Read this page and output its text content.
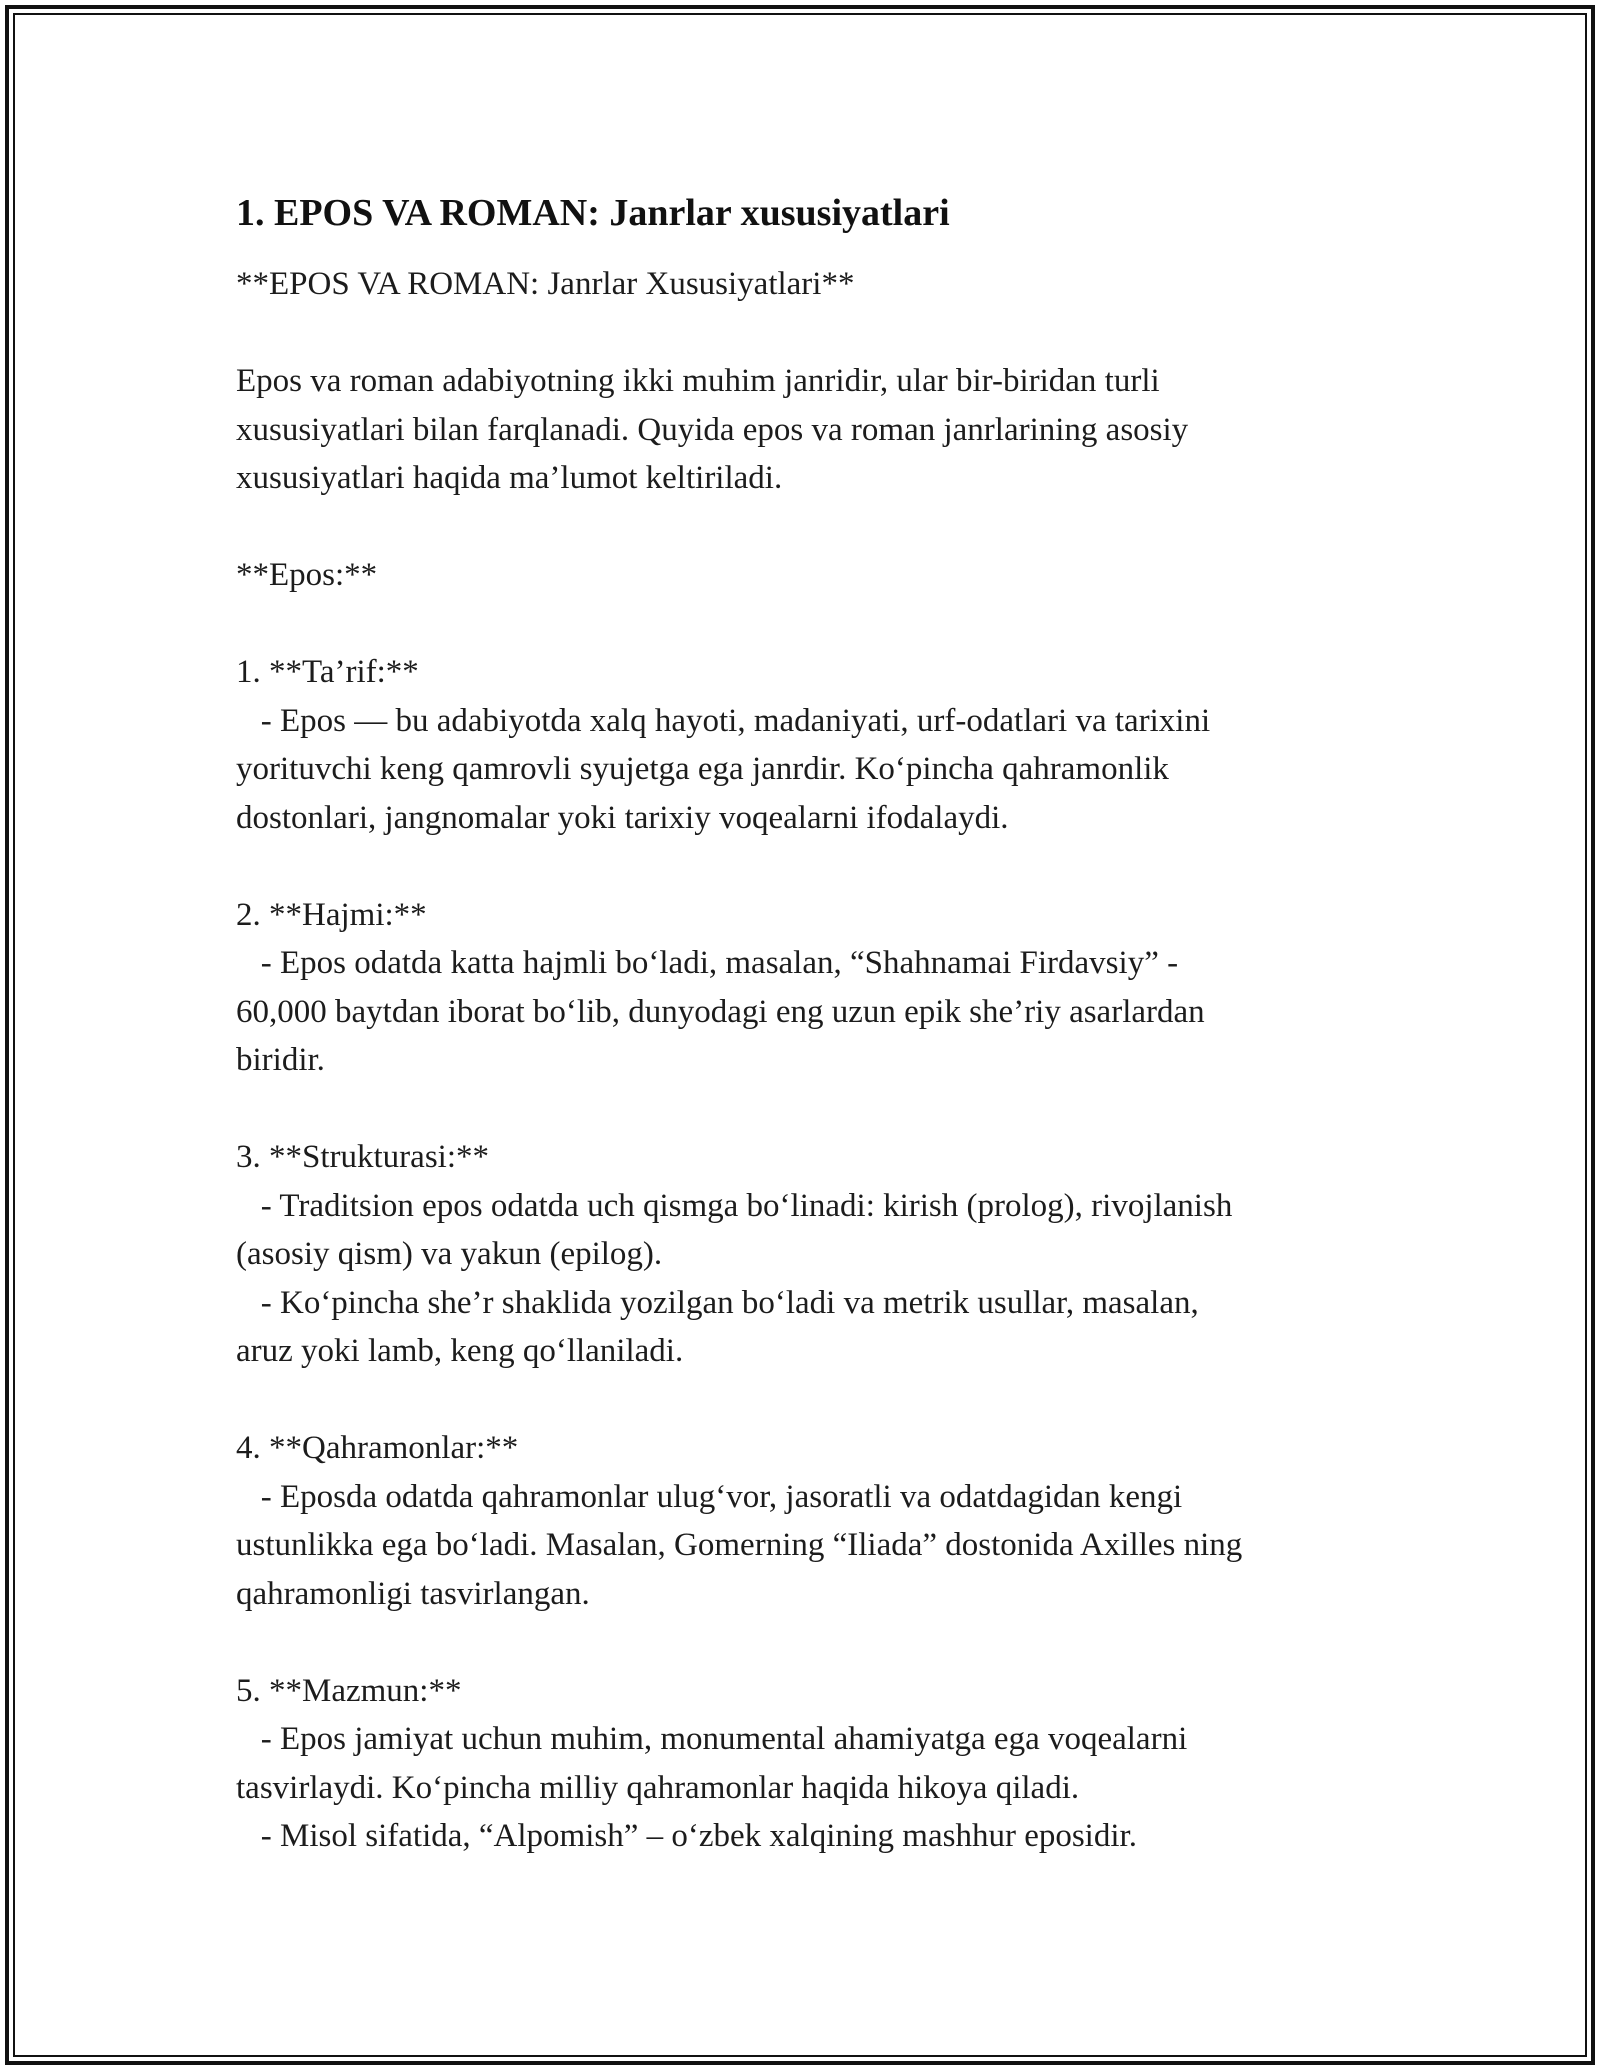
1. EPOS VA ROMAN: Janrlar xususiyatlari

**EPOS VA ROMAN: Janrlar Xususiyatlari**

Epos va roman adabiyotning ikki muhim janridir, ular bir-biridan turli
xususiyatlari bilan farqlanadi. Quyida epos va roman janrlarining asosiy
xususiyatlari haqida ma’lumot keltiriladi.

**Epos:**

1. **Ta’rif:**

- Epos — bu adabiyotda xalq hayoti, madaniyati, urf-odatlari va tarixini
yorituvchi keng qamrovli syujetga ega janrdir. Ko‘pincha qahramonlik
dostonlari, jangnomalar yoki tarixiy voqealarni ifodalaydi.

2. **Hajmi:**

- Epos odatda katta hajmli bo‘ladi, masalan, “Shahnamai Firdavsiy” -
60,000 baytdan iborat bo‘lib, dunyodagi eng uzun epik she’riy asarlardan
biridir.

3. **Strukturasi:**

- Traditsion epos odatda uch qismga bo‘linadi: kirish (prolog), rivojlanish
(asosiy qism) va yakun (epilog).
- Ko‘pincha she’r shaklida yozilgan bo‘ladi va metrik usullar, masalan,
aruz yoki lamb, keng qo‘llaniladi.

4. **Qahramonlar:**

- Eposda odatda qahramonlar ulug‘vor, jasoratli va odatdagidan kengi
ustunlikka ega bo‘ladi. Masalan, Gomerning “Iliada” dostonida Axilles ning
qahramonligi tasvirlangan.

5. **Mazmun:**

- Epos jamiyat uchun muhim, monumental ahamiyatga ega voqealarni
tasvirlaydi. Ko‘pincha milliy qahramonlar haqida hikoya qiladi.
- Misol sifatida, “Alpomish” – o‘zbek xalqining mashhur eposidir.
